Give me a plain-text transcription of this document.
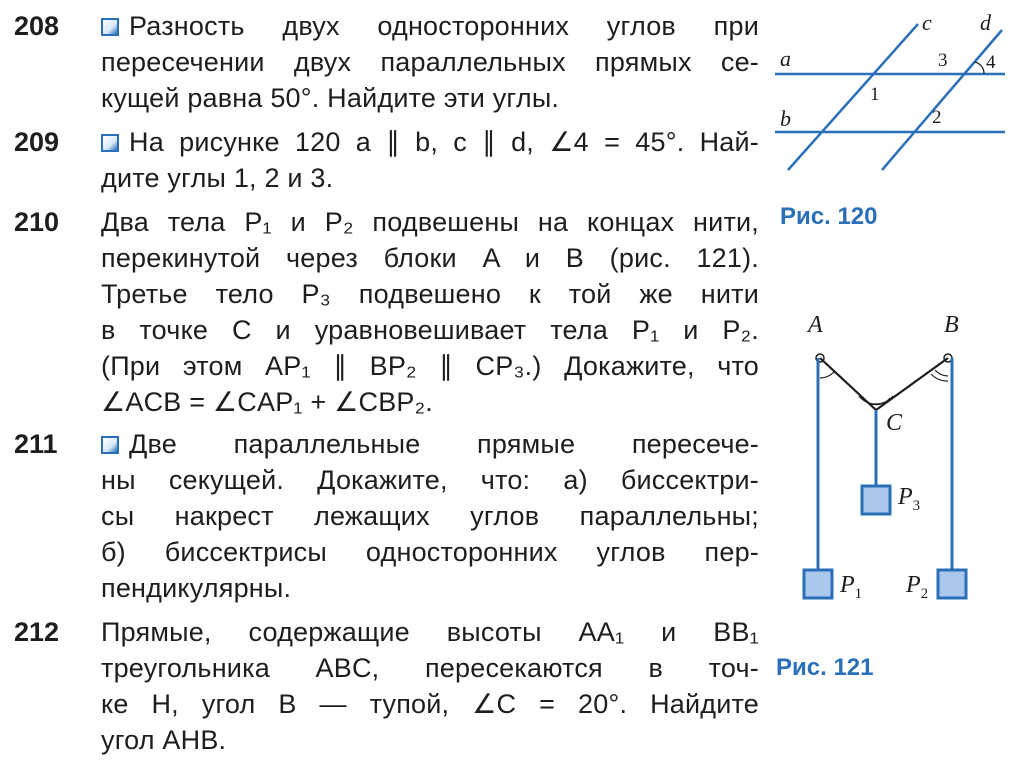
208	Разность двух односторонних углов при
пересечении двух параллельных прямых се-
кущей равна 50°. Найдите эти углы.
209	На рисунке 120 a ∥ b, c ∥ d, ∠4 = 45°. Най-
дите углы 1, 2 и 3.
210 Два тела P₁ и P₂ подвешены на концах нити,
перекинутой через блоки A и B (рис. 121).
Третье тело P₃ подвешено к той же нити
в точке C и уравновешивает тела P₁ и P₂.
(При этом AP₁ ∥ BP₂ ∥ CP₃.) Докажите, что
∠ACB = ∠CAP₁ + ∠CBP₂.
211	Две параллельные прямые пересече-
ны секущей. Докажите, что: а) биссектри-
сы накрест лежащих углов параллельны;
б) биссектрисы односторонних углов пер-
пендикулярны.
212 Прямые, содержащие высоты AA₁ и BB₁
треугольника ABC, пересекаются в точ-
ке H, угол B — тупой, ∠C = 20°. Найдите
угол AHB.
a
b
c d
1
2
3 4
Рис. 120
A	B
C
$P_3$
$P_1$ $P_2$
Рис. 121
